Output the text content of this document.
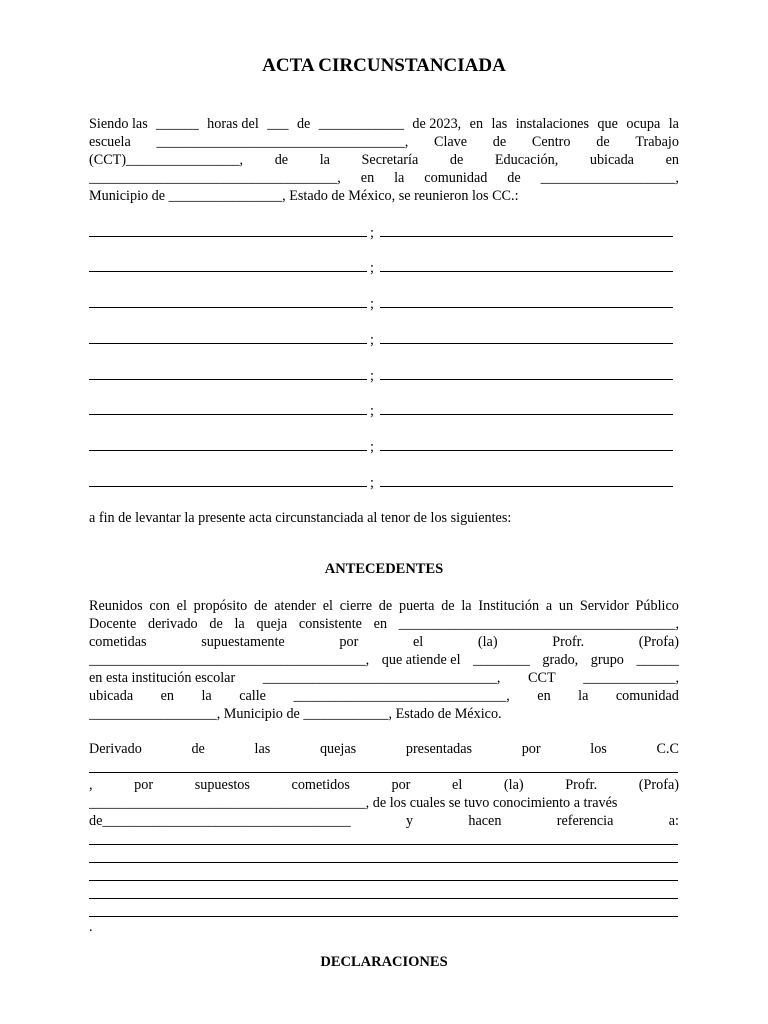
ACTA CIRCUNSTANCIADA
Siendo las ______ horas del ___ de ____________ de 2023, en las instalaciones que ocupa la
escuela ___________________________________, Clave de Centro de Trabajo
(CCT)________________, de la Secretaría de Educación, ubicada en
___________________________________, en la comunidad de ___________________,
Municipio de ________________, Estado de México, se reunieron los CC.:
;
;
;
;
;
;
;
;
a fin de levantar la presente acta circunstanciada al tenor de los siguientes:
ANTECEDENTES
Reunidos con el propósito de atender el cierre de puerta de la Institución a un Servidor Público
Docente derivado de la queja consistente en _______________________________________,
cometidas	supuestamente	por	el	(la)	Profr.	(Profa)
_______________________________________, que atiende el ________ grado, grupo ______
en esta institución escolar _________________________________, CCT _____________,
ubicada en la calle ______________________________, en la comunidad
__________________, Municipio de ____________, Estado de México.
Derivado	de	las	quejas	presentadas	por	los	C.C
,	por	supuestos	cometidos	por	el	(la)	Profr.	(Profa)
_______________________________________, de los cuales se tuvo conocimiento a través
de___________________________________	y	hacen	referencia	a:
.
DECLARACIONES
